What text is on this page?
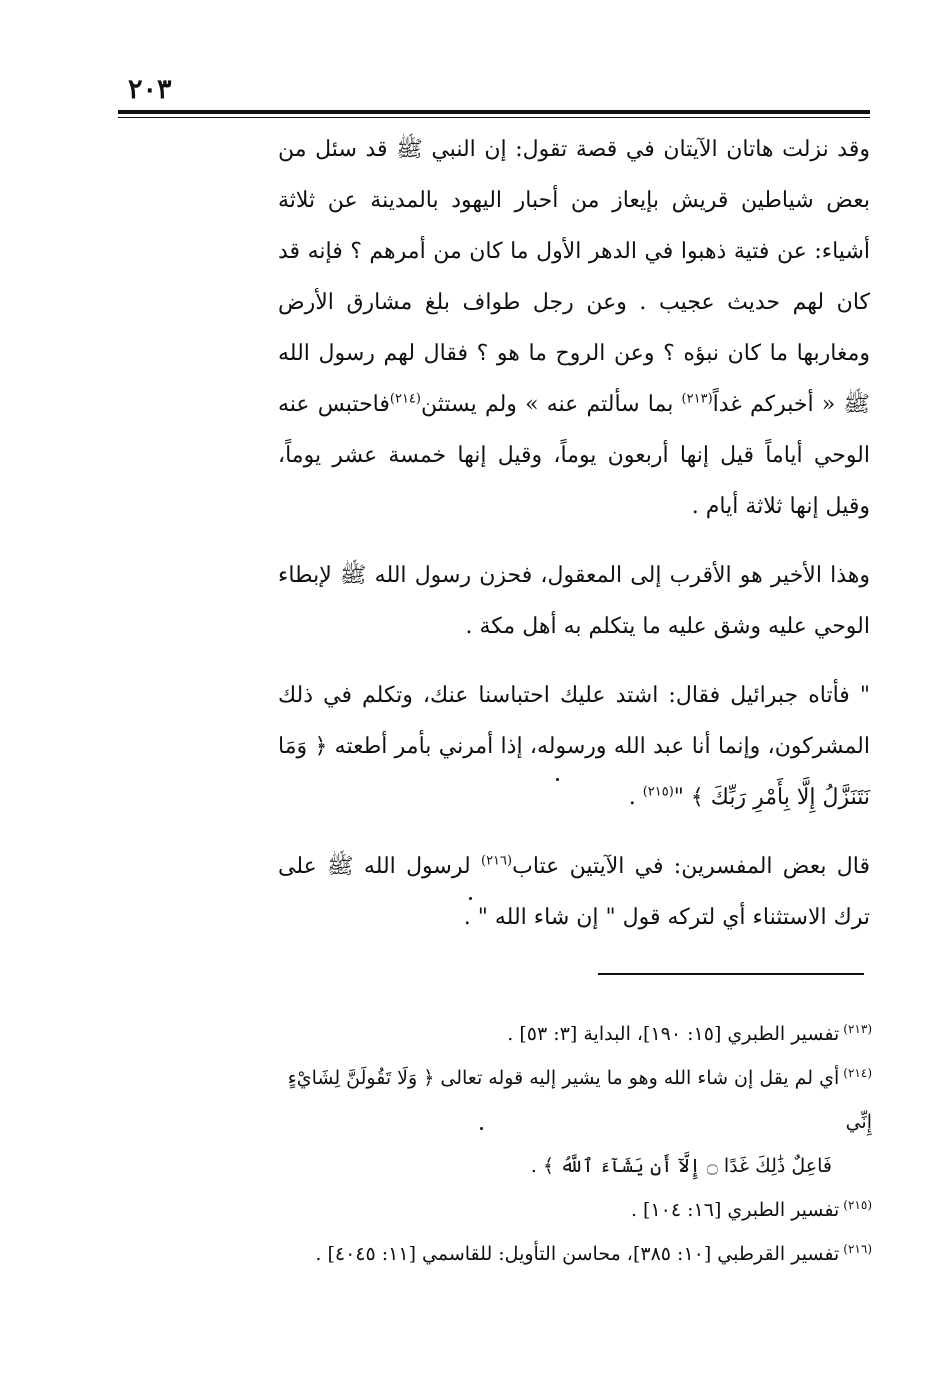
٢٠٣

وقد نزلت هاتان الآيتان في قصة تقول: إن النبي ﷺ قد سئل من بعض شياطين قريش بإيعاز من أحبار اليهود بالمدينة عن ثلاثة أشياء: عن فتية ذهبوا في الدهر الأول ما كان من أمرهم ؟ فإنه قد كان لهم حديث عجيب . وعن رجل طواف بلغ مشارق الأرض ومغاربها ما كان نبؤه ؟ وعن الروح ما هو ؟ فقال لهم رسول الله ﷺ « أخبركم غداً$^{(٢١٣)}$ بما سألتم عنه » ولم يستثن$^{(٢١٤)}$فاحتبس عنه الوحي أياماً قيل إنها أربعون يوماً، وقيل إنها خمسة عشر يوماً، وقيل إنها ثلاثة أيام .

وهذا الأخير هو الأقرب إلى المعقول، فحزن رسول الله ﷺ لإبطاء الوحي عليه وشق عليه ما يتكلم به أهل مكة .

" فأتاه جبرائيل فقال: اشتد عليك احتباسنا عنك، وتكلم في ذلك المشركون، وإنما أنا عبد الله ورسوله، إذا أمرني بأمر أطعته ﴿ وَمَا نَتَنَزَّلُ إِلَّا بِأَمْرِ رَبِّكَ ﴾ "$^{(٢١٥)}$ .

قال بعض المفسرين: في الآيتين عتاب$^{(٢١٦)}$ لرسول الله ﷺ على ترك الاستثناء أي لتركه قول " إن شاء الله " .

$^{(٢١٣)}$تفسير الطبري [١٥: ١٩٠]، البداية [٣: ٥٣] .
$^{(٢١٤)}$أي لم يقل إن شاء الله وهو ما يشير إليه قوله تعالى ﴿ وَلَا تَقُولَنَّ لِشَايْءٍ إِنِّي
فَاعِلٌ ذَٰلِكَ غَدًا ۝ إِلَّآ أَن يَشَآءَ ٱللَّهُ ﴾ .
$^{(٢١٥)}$تفسير الطبري [١٦: ١٠٤] .
$^{(٢١٦)}$تفسير القرطبي [١٠: ٣٨٥]، محاسن التأويل: للقاسمي [١١: ٤٠٤٥] .
